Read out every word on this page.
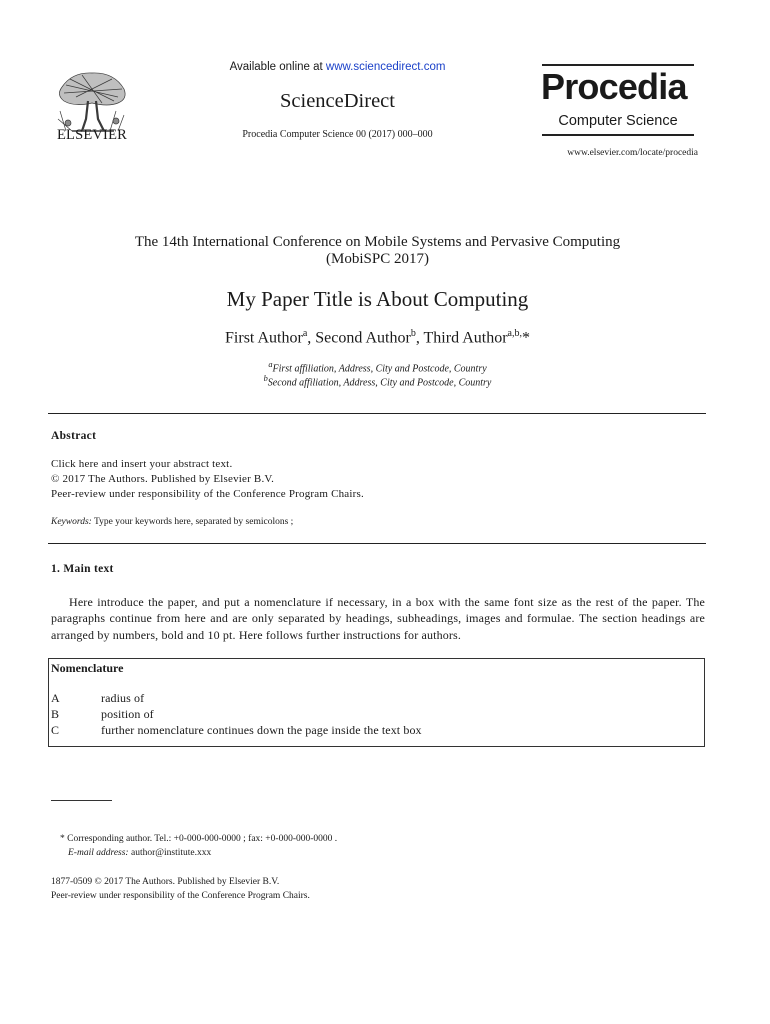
ELSEVIER
Available online at www.sciencedirect.com
ScienceDirect
Procedia Computer Science 00 (2017) 000–000
Procedia
Computer Science
www.elsevier.com/locate/procedia
The 14th International Conference on Mobile Systems and Pervasive Computing
(MobiSPC 2017)
My Paper Title is About Computing
First Author$^a$, Second Author$^b$, Third Author$^{a,b,}$*
$^a$First affiliation, Address, City and Postcode, Country
$^b$Second affiliation, Address, City and Postcode, Country
Abstract
Click here and insert your abstract text.
© 2017 The Authors. Published by Elsevier B.V.
Peer-review under responsibility of the Conference Program Chairs.
Keywords: Type your keywords here, separated by semicolons ;
1. Main text
Here introduce the paper, and put a nomenclature if necessary, in a box with the same font size as the rest of the paper. The paragraphs continue from here and are only separated by headings, subheadings, images and formulae. The section headings are arranged by numbers, bold and 10 pt. Here follows further instructions for authors.
Nomenclature
A	radius of
B	position of
C	further nomenclature continues down the page inside the text box
* Corresponding author. Tel.: +0-000-000-0000 ; fax: +0-000-000-0000 .
E-mail address: author@institute.xxx
1877-0509 © 2017 The Authors. Published by Elsevier B.V.
Peer-review under responsibility of the Conference Program Chairs.
